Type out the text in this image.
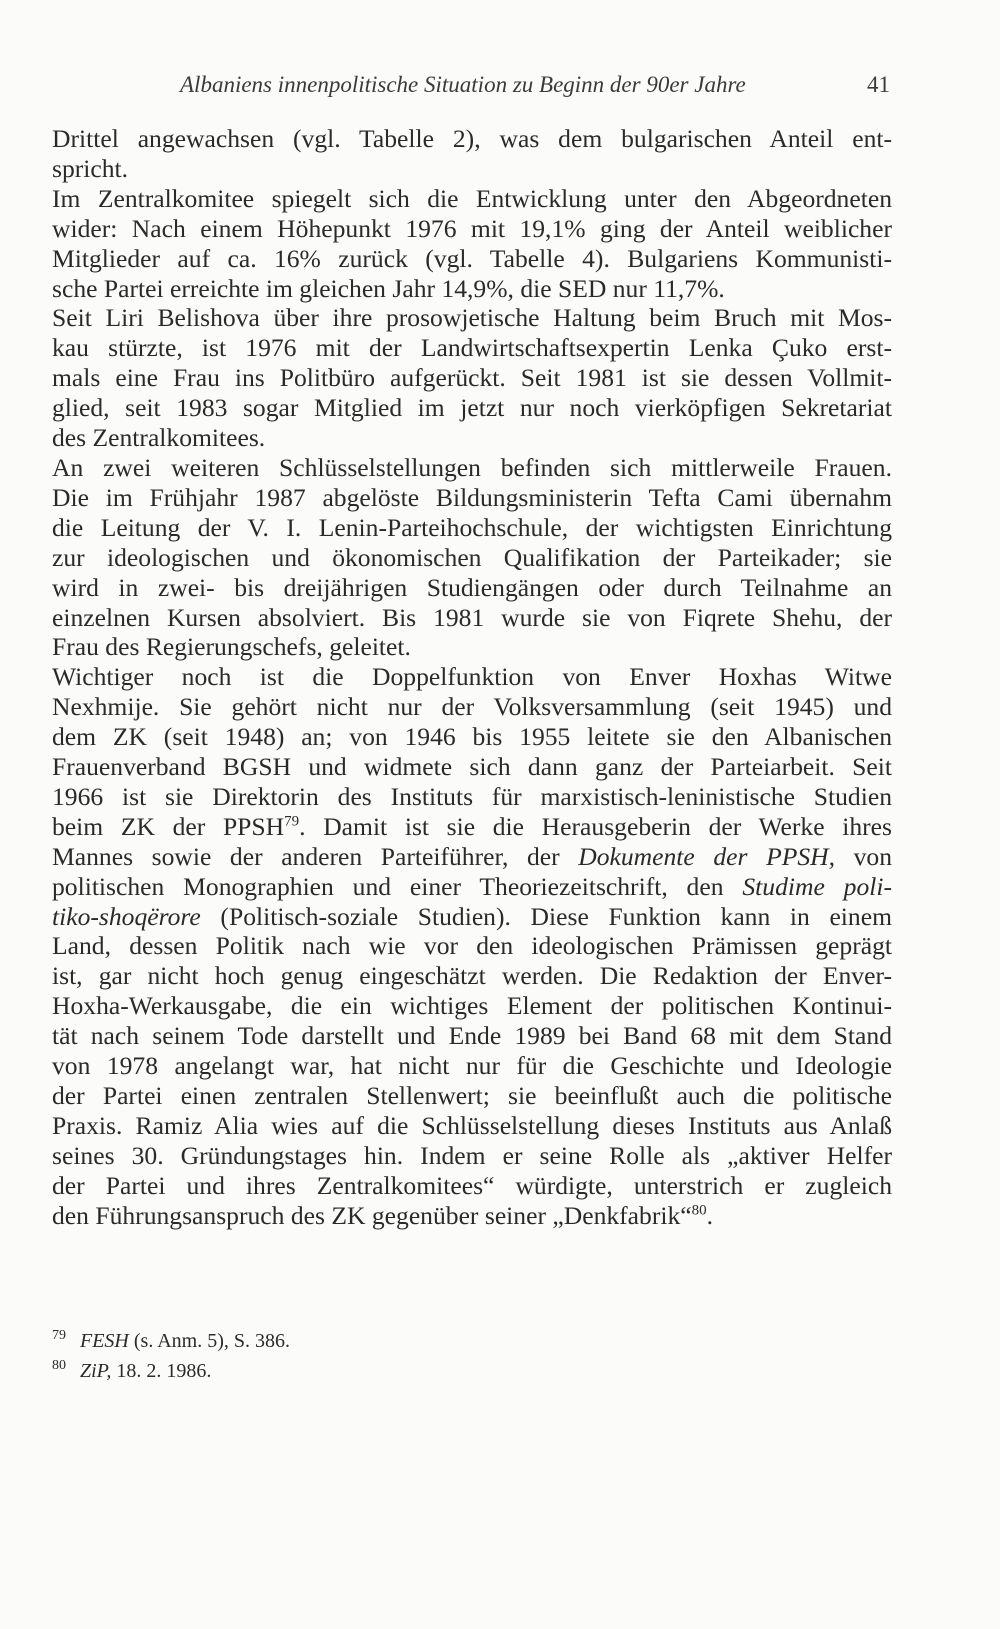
Albaniens innenpolitische Situation zu Beginn der 90er Jahre	41
Drittel angewachsen (vgl. Tabelle 2), was dem bulgarischen Anteil ent-
spricht.
Im Zentralkomitee spiegelt sich die Entwicklung unter den Abgeordneten
wider: Nach einem Höhepunkt 1976 mit 19,1% ging der Anteil weiblicher
Mitglieder auf ca. 16% zurück (vgl. Tabelle 4). Bulgariens Kommunisti-
sche Partei erreichte im gleichen Jahr 14,9%, die SED nur 11,7%.
Seit Liri Belishova über ihre prosowjetische Haltung beim Bruch mit Mos-
kau stürzte, ist 1976 mit der Landwirtschaftsexpertin Lenka Çuko erst-
mals eine Frau ins Politbüro aufgerückt. Seit 1981 ist sie dessen Vollmit-
glied, seit 1983 sogar Mitglied im jetzt nur noch vierköpfigen Sekretariat
des Zentralkomitees.
An zwei weiteren Schlüsselstellungen befinden sich mittlerweile Frauen.
Die im Frühjahr 1987 abgelöste Bildungsministerin Tefta Cami übernahm
die Leitung der V. I. Lenin-Parteihochschule, der wichtigsten Einrichtung
zur ideologischen und ökonomischen Qualifikation der Parteikader; sie
wird in zwei- bis dreijährigen Studiengängen oder durch Teilnahme an
einzelnen Kursen absolviert. Bis 1981 wurde sie von Fiqrete Shehu, der
Frau des Regierungschefs, geleitet.
Wichtiger noch ist die Doppelfunktion von Enver Hoxhas Witwe
Nexhmije. Sie gehört nicht nur der Volksversammlung (seit 1945) und
dem ZK (seit 1948) an; von 1946 bis 1955 leitete sie den Albanischen
Frauenverband BGSH und widmete sich dann ganz der Parteiarbeit. Seit
1966 ist sie Direktorin des Instituts für marxistisch-leninistische Studien
beim ZK der PPSH$^{79}$. Damit ist sie die Herausgeberin der Werke ihres
Mannes sowie der anderen Parteiführer, der Dokumente der PPSH, von
politischen Monographien und einer Theoriezeitschrift, den Studime poli-
tiko-shoqërore (Politisch-soziale Studien). Diese Funktion kann in einem
Land, dessen Politik nach wie vor den ideologischen Prämissen geprägt
ist, gar nicht hoch genug eingeschätzt werden. Die Redaktion der Enver-
Hoxha-Werkausgabe, die ein wichtiges Element der politischen Kontinui-
tät nach seinem Tode darstellt und Ende 1989 bei Band 68 mit dem Stand
von 1978 angelangt war, hat nicht nur für die Geschichte und Ideologie
der Partei einen zentralen Stellenwert; sie beeinflußt auch die politische
Praxis. Ramiz Alia wies auf die Schlüsselstellung dieses Instituts aus Anlaß
seines 30. Gründungstages hin. Indem er seine Rolle als „aktiver Helfer
der Partei und ihres Zentralkomitees“ würdigte, unterstrich er zugleich
den Führungsanspruch des ZK gegenüber seiner „Denkfabrik“$^{80}$.
79 FESH (s. Anm. 5), S. 386.
80 ZiP, 18. 2. 1986.
